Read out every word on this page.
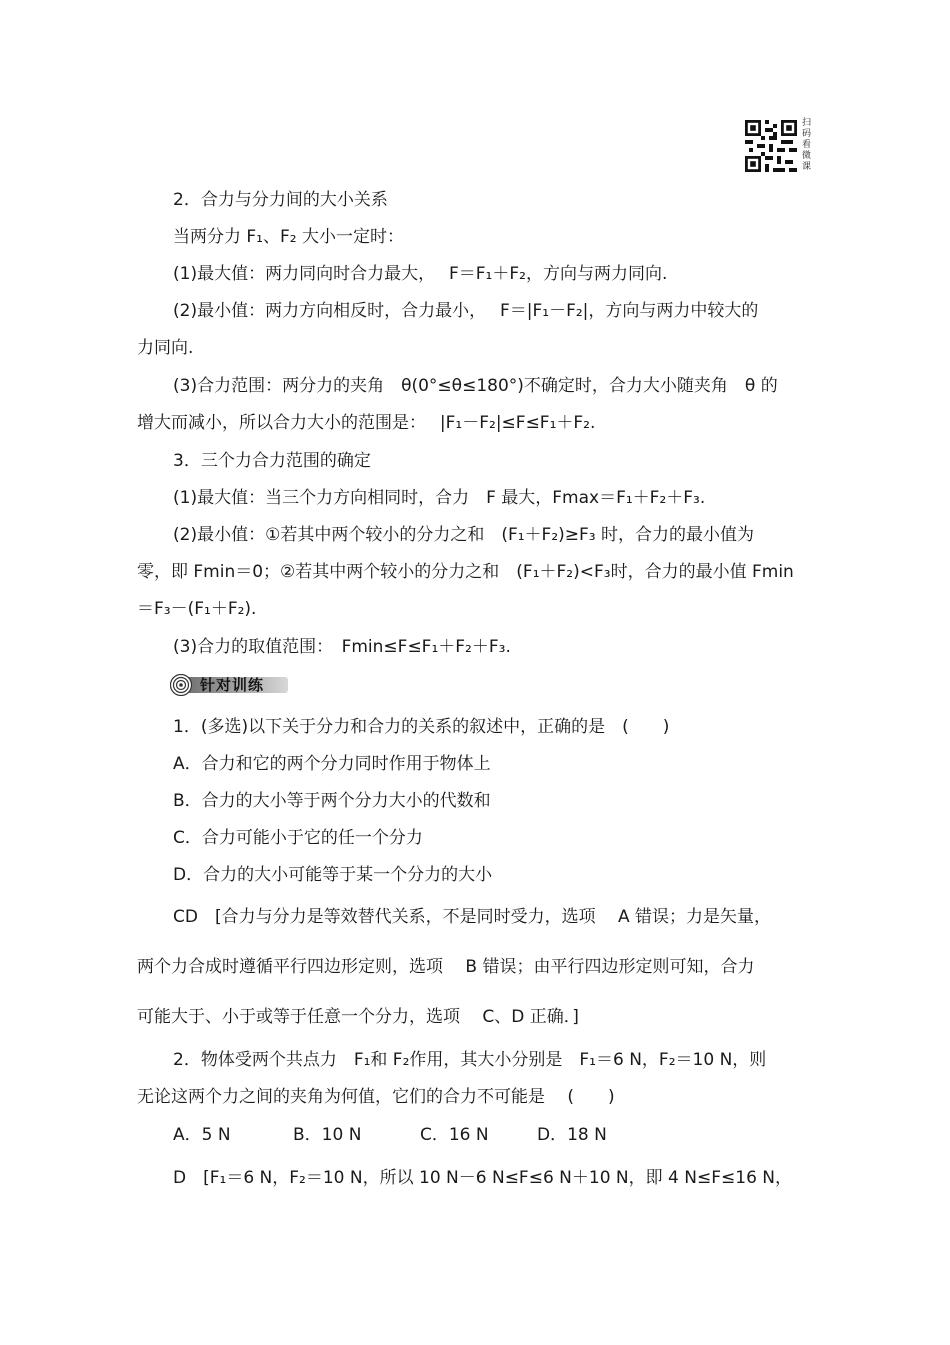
扫码看微课
2．合力与分力间的大小关系
当两分力 F₁、F₂ 大小一定时：
(1)最大值：两力同向时合力最大，　 F＝F₁＋F₂，方向与两力同向.
(2)最小值：两力方向相反时，合力最小，　 F＝|F₁－F₂|，方向与两力中较大的
力同向.
(3)合力范围：两分力的夹角　θ(0°≤θ≤180°)不确定时，合力大小随夹角　θ 的
增大而减小，所以合力大小的范围是：　 |F₁－F₂|≤F≤F₁＋F₂.
3．三个力合力范围的确定
(1)最大值：当三个力方向相同时，合力　F 最大，Fmax＝F₁＋F₂＋F₃.
(2)最小值：①若其中两个较小的分力之和　(F₁＋F₂)≥F₃ 时，合力的最小值为
零，即 Fmin＝0；②若其中两个较小的分力之和　(F₁＋F₂)<F₃时，合力的最小值 Fmin
＝F₃－(F₁＋F₂).
(3)合力的取值范围：　Fmin≤F≤F₁＋F₂＋F₃.
针对训练
1．(多选)以下关于分力和合力的关系的叙述中，正确的是　(　　)
A．合力和它的两个分力同时作用于物体上
B．合力的大小等于两个分力大小的代数和
C．合力可能小于它的任一个分力
D．合力的大小可能等于某一个分力的大小
CD　[合力与分力是等效替代关系，不是同时受力，选项　 A 错误；力是矢量，
两个力合成时遵循平行四边形定则，选项　 B 错误；由平行四边形定则可知，合力
可能大于、小于或等于任意一个分力，选项　 C、D 正确．]
2．物体受两个共点力　F₁和 F₂作用，其大小分别是　F₁＝6 N，F₂＝10 N，则
无论这两个力之间的夹角为何值，它们的合力不可能是　 (　　)
A．5 N	B．10 N	C．16 N	D．18 N
D　[F₁＝6 N，F₂＝10 N，所以 10 N－6 N≤F≤6 N＋10 N，即 4 N≤F≤16 N，
